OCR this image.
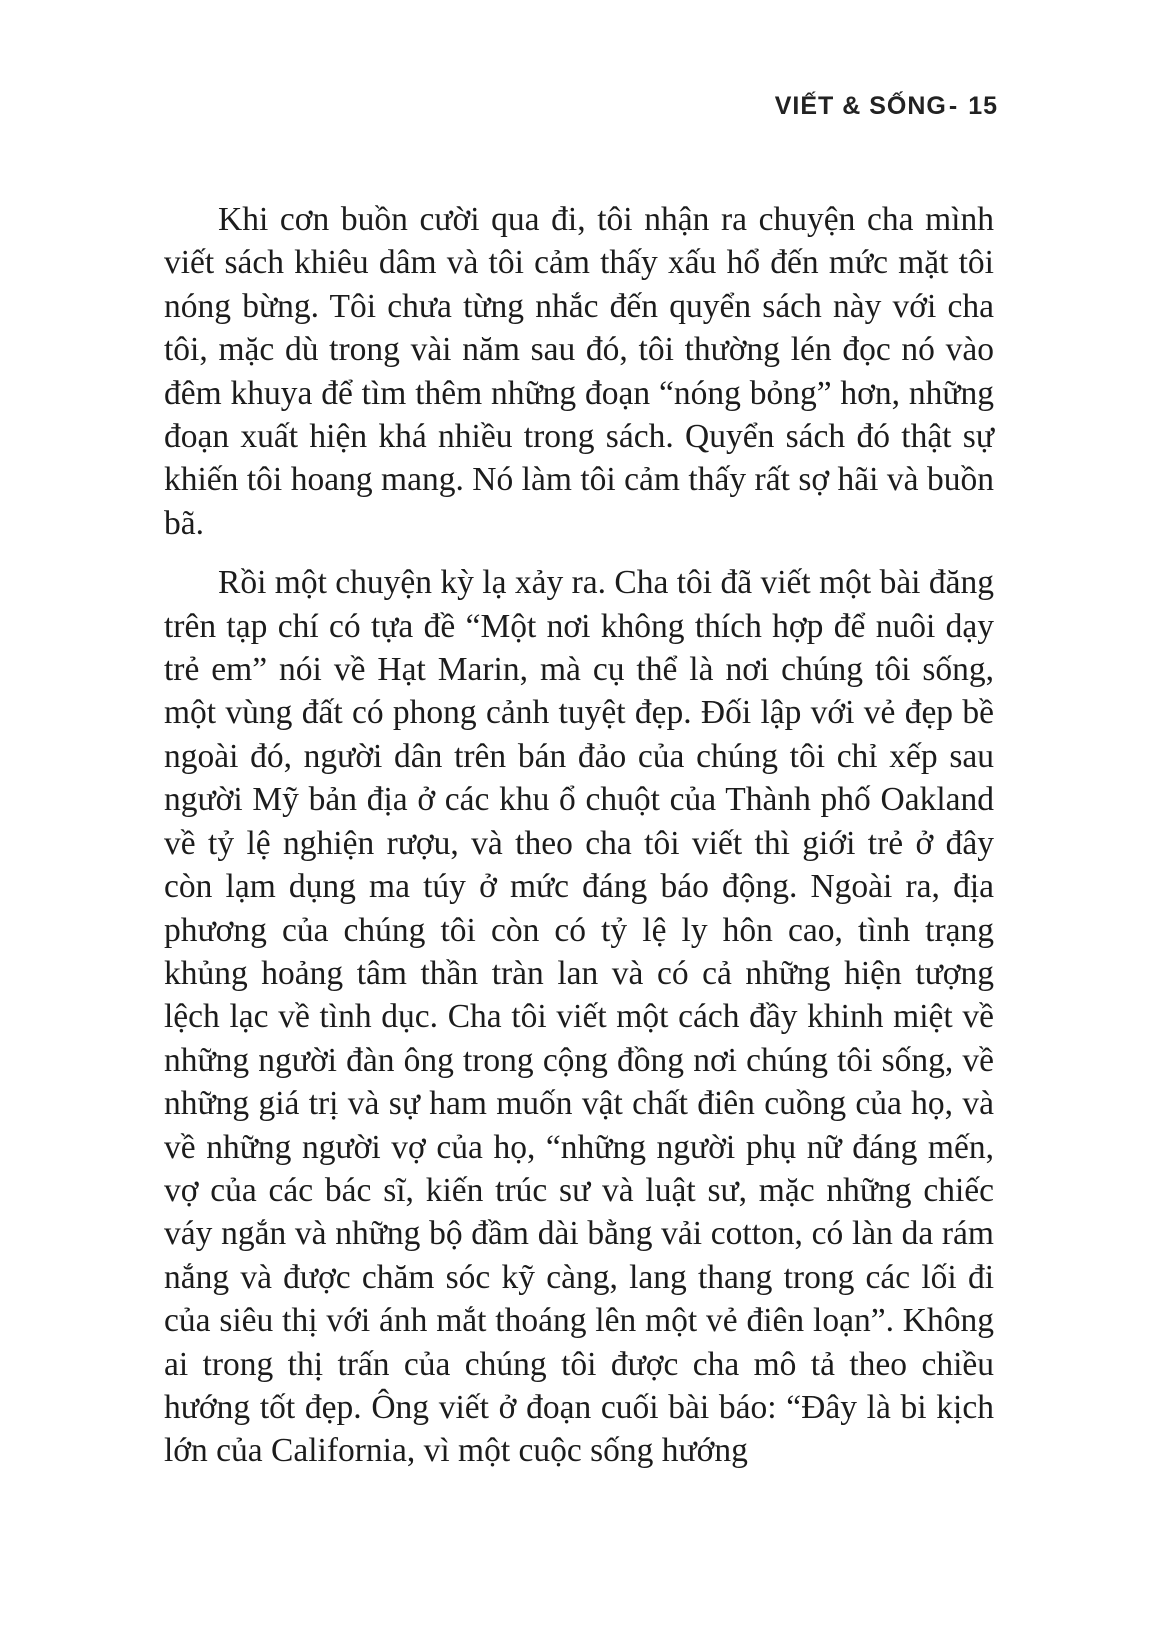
VIẾT & SỐNG- 15

Khi cơn buồn cười qua đi, tôi nhận ra chuyện cha mình viết sách khiêu dâm và tôi cảm thấy xấu hổ đến mức mặt tôi nóng bừng. Tôi chưa từng nhắc đến quyển sách này với cha tôi, mặc dù trong vài năm sau đó, tôi thường lén đọc nó vào đêm khuya để tìm thêm những đoạn “nóng bỏng” hơn, những đoạn xuất hiện khá nhiều trong sách. Quyển sách đó thật sự khiến tôi hoang mang. Nó làm tôi cảm thấy rất sợ hãi và buồn bã.

Rồi một chuyện kỳ lạ xảy ra. Cha tôi đã viết một bài đăng trên tạp chí có tựa đề “Một nơi không thích hợp để nuôi dạy trẻ em” nói về Hạt Marin, mà cụ thể là nơi chúng tôi sống, một vùng đất có phong cảnh tuyệt đẹp. Đối lập với vẻ đẹp bề ngoài đó, người dân trên bán đảo của chúng tôi chỉ xếp sau người Mỹ bản địa ở các khu ổ chuột của Thành phố Oakland về tỷ lệ nghiện rượu, và theo cha tôi viết thì giới trẻ ở đây còn lạm dụng ma túy ở mức đáng báo động. Ngoài ra, địa phương của chúng tôi còn có tỷ lệ ly hôn cao, tình trạng khủng hoảng tâm thần tràn lan và có cả những hiện tượng lệch lạc về tình dục. Cha tôi viết một cách đầy khinh miệt về những người đàn ông trong cộng đồng nơi chúng tôi sống, về những giá trị và sự ham muốn vật chất điên cuồng của họ, và về những người vợ của họ, “những người phụ nữ đáng mến, vợ của các bác sĩ, kiến trúc sư và luật sư, mặc những chiếc váy ngắn và những bộ đầm dài bằng vải cotton, có làn da rám nắng và được chăm sóc kỹ càng, lang thang trong các lối đi của siêu thị với ánh mắt thoáng lên một vẻ điên loạn”. Không ai trong thị trấn của chúng tôi được cha mô tả theo chiều hướng tốt đẹp. Ông viết ở đoạn cuối bài báo: “Đây là bi kịch lớn của California, vì một cuộc sống hướng
